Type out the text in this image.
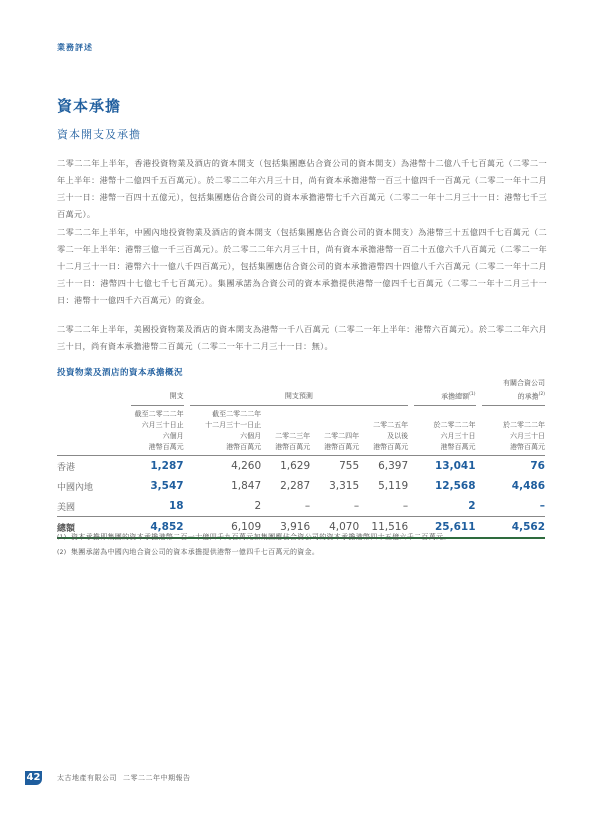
業務評述
資本承擔
資本開支及承擔

二零二二年上半年，香港投資物業及酒店的資本開支（包括集團應佔合資公司的資本開支）為港幣十二億八千七百萬元（二零二一年上半年：港幣十二億四千五百萬元）。於二零二二年六月三十日，尚有資本承擔港幣一百三十億四千一百萬元（二零二一年十二月三十一日：港幣一百四十五億元），包括集團應佔合資公司的資本承擔港幣七千六百萬元（二零二一年十二月三十一日：港幣七千三百萬元）。

二零二二年上半年，中國內地投資物業及酒店的資本開支（包括集團應佔合資公司的資本開支）為港幣三十五億四千七百萬元（二零二一年上半年：港幣三億一千三百萬元）。於二零二二年六月三十日，尚有資本承擔港幣一百二十五億六千八百萬元（二零二一年十二月三十一日：港幣六十一億八千四百萬元），包括集團應佔合資公司的資本承擔港幣四十四億八千六百萬元（二零二一年十二月三十一日：港幣四十七億七千七百萬元）。集團承諾為合資公司的資本承擔提供港幣一億四千七百萬元（二零二一年十二月三十一日：港幣十一億四千六百萬元）的資金。

二零二二年上半年，美國投資物業及酒店的資本開支為港幣一千八百萬元（二零二一年上半年：港幣六百萬元）。於二零二二年六月三十日，尚有資本承擔港幣二百萬元（二零二一年十二月三十一日：無）。

投資物業及酒店的資本承擔概況
	開支		開支預測					承擔總額$^{(1)}$		有關合資公司
的承擔$^{(2)}$
	截至二零二二年
六月三十日止
六個月
港幣百萬元		截至二零二二年
十二月三十一日止
六個月
港幣百萬元	二零二三年
港幣百萬元	二零二四年
港幣百萬元	二零二五年
及以後
港幣百萬元		於二零二二年
六月三十日
港幣百萬元		於二零二二年
六月三十日
港幣百萬元
香港	1,287		4,260	1,629	755	6,397		13,041		76
中國內地	3,547		1,847	2,287	3,315	5,119		12,568		4,486
美國	18		2	–	–	–		2		–
總額	4,852		6,109	3,916	4,070	11,516		25,611		4,562
(1) 資本承擔即集團的資本承擔港幣二百一十億四千九百萬元加集團應佔合資公司的資本承擔港幣四十五億六千二百萬元。
(2) 集團承諾為中國內地合資公司的資本承擔提供港幣一億四千七百萬元的資金。
42 太古地產有限公司 二零二二年中期報告
